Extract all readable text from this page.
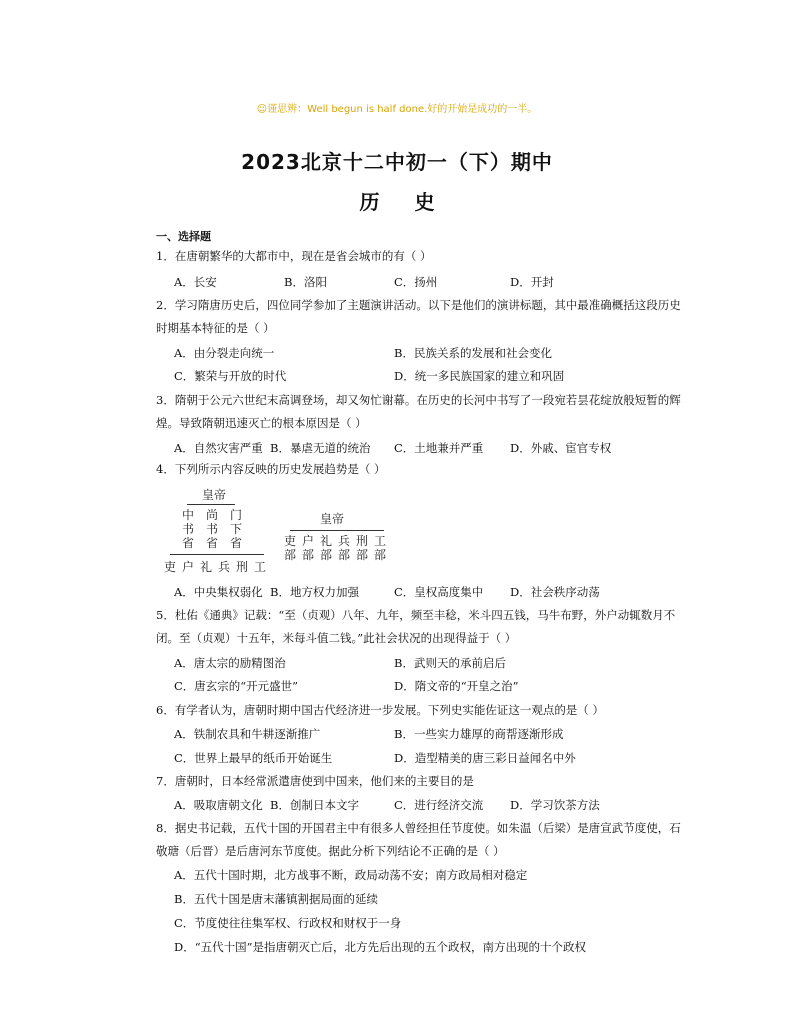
☺谨思辨：Well begun is half done.好的开始是成功的一半。
2023北京十二中初一（下）期中
历 史
一、选择题
1．在唐朝繁华的大都市中，现在是省会城市的有（ ）
A．长安	B．洛阳	C．扬州	D．开封
2．学习隋唐历史后，四位同学参加了主题演讲活动。以下是他们的演讲标题，其中最准确概括这段历史
时期基本特征的是（ ）
A．由分裂走向统一	B．民族关系的发展和社会变化
C．繁荣与开放的时代	D．统一多民族国家的建立和巩固
3．隋朝于公元六世纪末高调登场，却又匆忙谢幕。在历史的长河中书写了一段宛若昙花绽放般短暂的辉
煌。导致隋朝迅速灭亡的根本原因是（ ）
A．自然灾害严重 B．暴虐无道的统治 C．土地兼并严重 D．外戚、宦官专权
4．下列所示内容反映的历史发展趋势是（ ）
皇帝
中
书
省
尚
书
省
门
下
省
吏 户 礼 兵 刑 工
皇帝
吏
部
户
部
礼
部
兵
部
刑
部
工
部
A．中央集权弱化 B．地方权力加强	C．皇权高度集中 D．社会秩序动荡
5．杜佑《通典》记载：“至（贞观）八年、九年，频至丰稔，米斗四五钱，马牛布野，外户动辄数月不
闭。至（贞观）十五年，米每斗值二钱。”此社会状况的出现得益于（ ）
A．唐太宗的励精图治	B．武则天的承前启后
C．唐玄宗的“开元盛世”	D．隋文帝的“开皇之治”
6．有学者认为，唐朝时期中国古代经济进一步发展。下列史实能佐证这一观点的是（ ）
A．铁制农具和牛耕逐渐推广	B．一些实力雄厚的商帮逐渐形成
C．世界上最早的纸币开始诞生	D．造型精美的唐三彩日益闻名中外
7．唐朝时，日本经常派遣唐使到中国来，他们来的主要目的是
A．吸取唐朝文化 B．创制日本文字	C．进行经济交流 D．学习饮茶方法
8．据史书记载，五代十国的开国君主中有很多人曾经担任节度使。如朱温（后梁）是唐宣武节度使，石
敬瑭（后晋）是后唐河东节度使。据此分析下列结论不正确的是（ ）
A．五代十国时期，北方战事不断，政局动荡不安；南方政局相对稳定
B．五代十国是唐末藩镇割据局面的延续
C．节度使往往集军权、行政权和财权于一身
D．“五代十国”是指唐朝灭亡后，北方先后出现的五个政权，南方出现的十个政权
